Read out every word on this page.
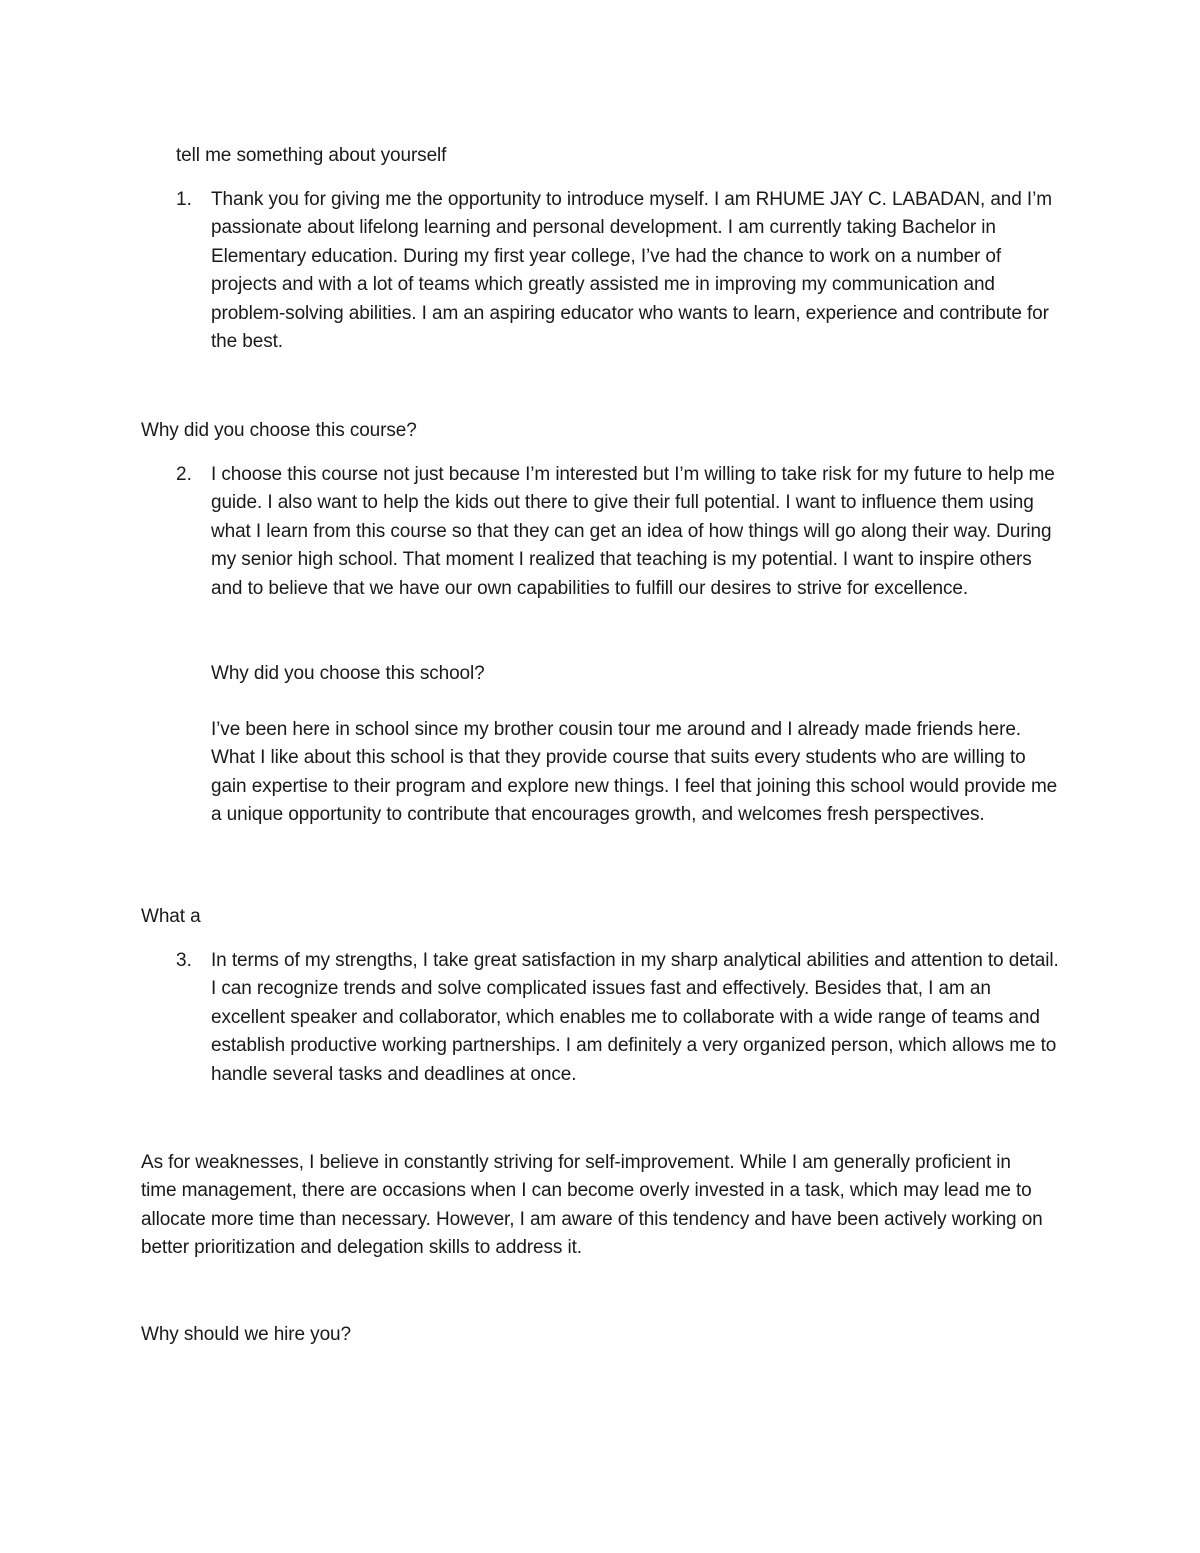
tell me something about yourself
1. Thank you for giving me the opportunity to introduce myself. I am RHUME JAY C. LABADAN, and I’m passionate about lifelong learning and personal development. I am currently taking Bachelor in Elementary education. During my first year college, I’ve had the chance to work on a number of projects and with a lot of teams which greatly assisted me in improving my communication and problem-solving abilities. I am an aspiring educator who wants to learn, experience and contribute for the best.
Why did you choose this course?
2. I choose this course not just because I’m interested but I’m willing to take risk for my future to help me guide. I also want to help the kids out there to give their full potential. I want to influence them using what I learn from this course so that they can get an idea of how things will go along their way. During my senior high school. That moment I realized that teaching is my potential. I want to inspire others and to believe that we have our own capabilities to fulfill our desires to strive for excellence.
Why did you choose this school?
I’ve been here in school since my brother cousin tour me around and I already made friends here. What I like about this school is that they provide course that suits every students who are willing to gain expertise to their program and explore new things. I feel that joining this school would provide me a unique opportunity to contribute that encourages growth, and welcomes fresh perspectives.
What a
3. In terms of my strengths, I take great satisfaction in my sharp analytical abilities and attention to detail. I can recognize trends and solve complicated issues fast and effectively. Besides that, I am an excellent speaker and collaborator, which enables me to collaborate with a wide range of teams and establish productive working partnerships. I am definitely a very organized person, which allows me to handle several tasks and deadlines at once.
As for weaknesses, I believe in constantly striving for self-improvement. While I am generally proficient in time management, there are occasions when I can become overly invested in a task, which may lead me to allocate more time than necessary. However, I am aware of this tendency and have been actively working on better prioritization and delegation skills to address it.
Why should we hire you?
